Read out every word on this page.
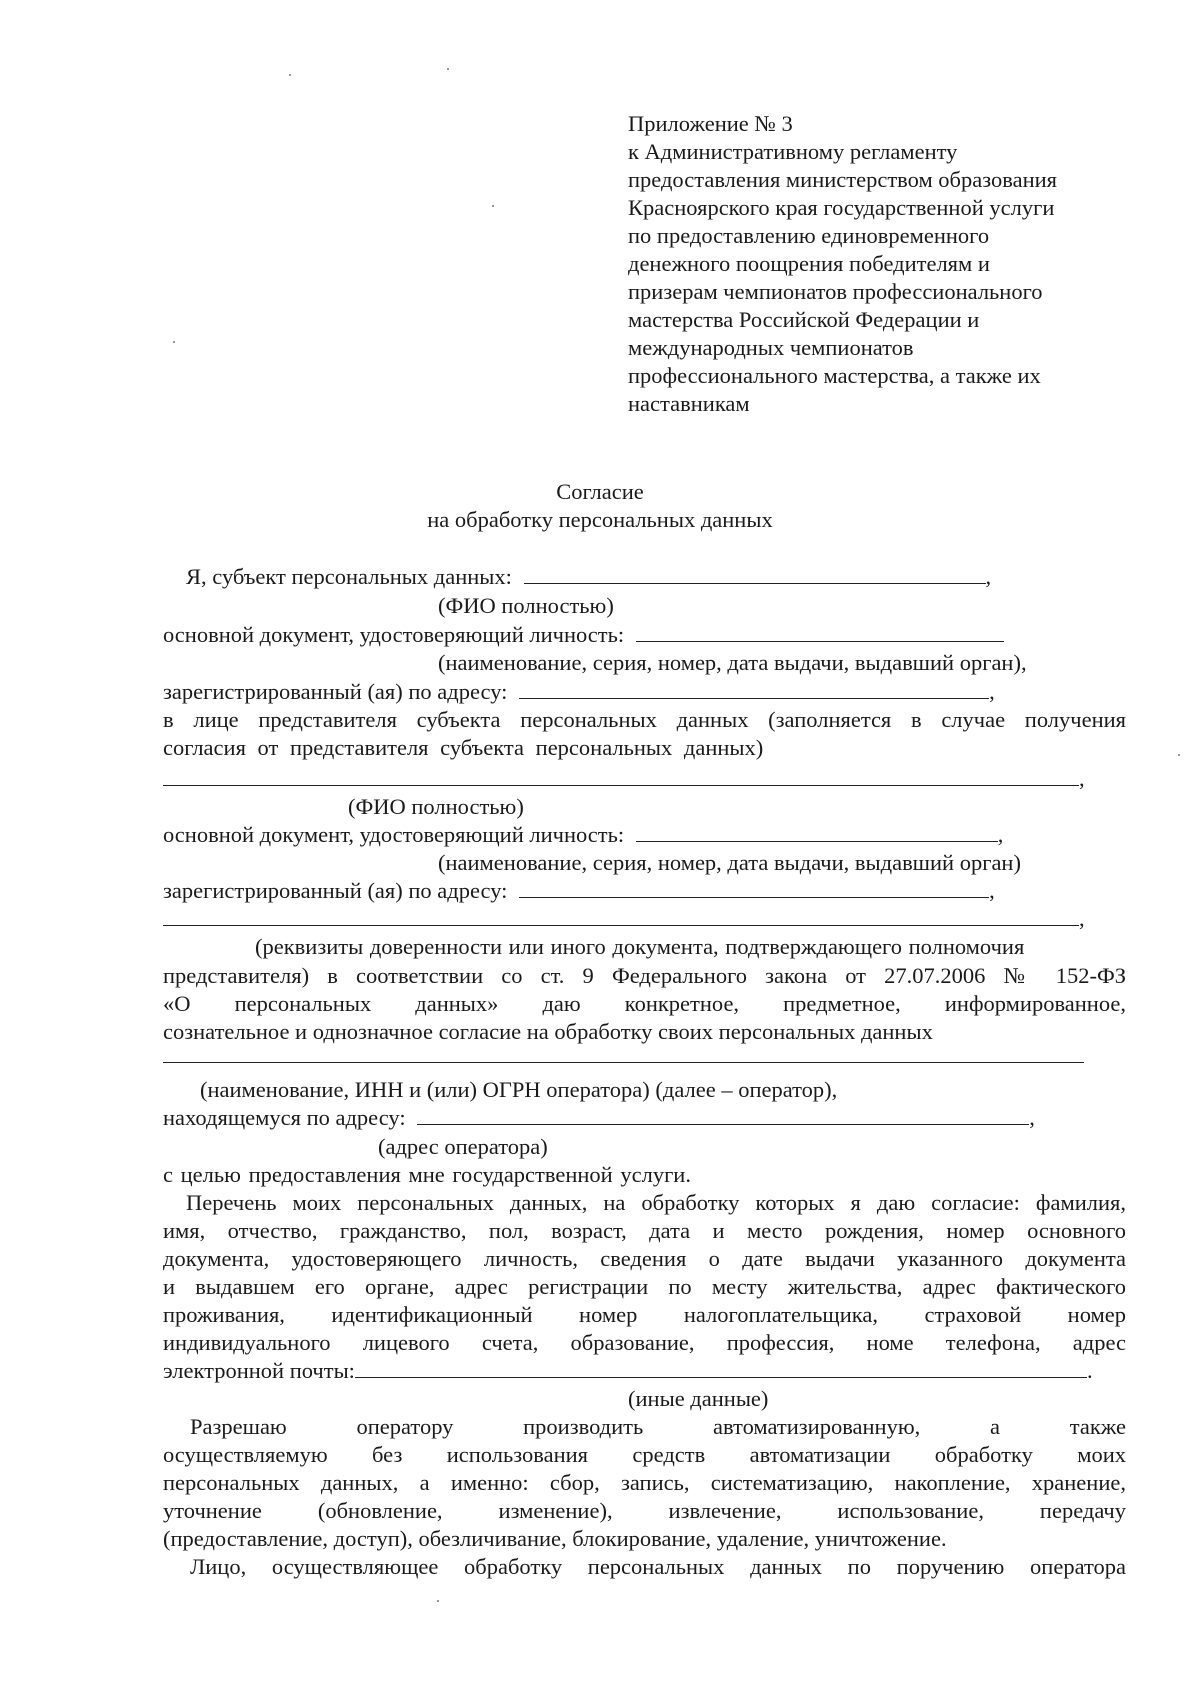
Приложение № 3
к Административному регламенту
предоставления министерством образования
Красноярского края государственной услуги
по предоставлению единовременного
денежного поощрения победителям и
призерам чемпионатов профессионального
мастерства Российской Федерации и
международных чемпионатов
профессионального мастерства, а также их
наставникам
Согласие
на обработку персональных данных
Я, субъект персональных данных:	,
(ФИО полностью)
основной документ, удостоверяющий личность:
(наименование, серия, номер, дата выдачи, выдавший орган),
зарегистрированный (ая) по адресу:	,
в лице представителя субъекта персональных данных (заполняется в случае получения
согласия от представителя субъекта персональных данных)
,
(ФИО полностью)
основной документ, удостоверяющий личность:	,
(наименование, серия, номер, дата выдачи, выдавший орган)
зарегистрированный (ая) по адресу:	,
,
(реквизиты доверенности или иного документа, подтверждающего полномочия
представителя) в соответствии со ст. 9 Федерального закона от 27.07.2006 № 152-ФЗ
«О персональных данных» даю конкретное, предметное, информированное,
сознательное и однозначное согласие на обработку своих персональных данных
(наименование, ИНН и (или) ОГРН оператора) (далее – оператор),
находящемуся по адресу:	,
(адрес оператора)
с целью предоставления мне государственной услуги.
Перечень моих персональных данных, на обработку которых я даю согласие: фамилия,
имя, отчество, гражданство, пол, возраст, дата и место рождения, номер основного
документа, удостоверяющего личность, сведения о дате выдачи указанного документа
и выдавшем его органе, адрес регистрации по месту жительства, адрес фактического
проживания, идентификационный номер налогоплательщика, страховой номер
индивидуального лицевого счета, образование, профессия, номе телефона, адрес
электронной почты:	.
(иные данные)
Разрешаю оператору производить автоматизированную, а также
осуществляемую без использования средств автоматизации обработку моих
персональных данных, а именно: сбор, запись, систематизацию, накопление, хранение,
уточнение (обновление, изменение), извлечение, использование, передачу
(предоставление, доступ), обезличивание, блокирование, удаление, уничтожение.
Лицо, осуществляющее обработку персональных данных по поручению оператора
